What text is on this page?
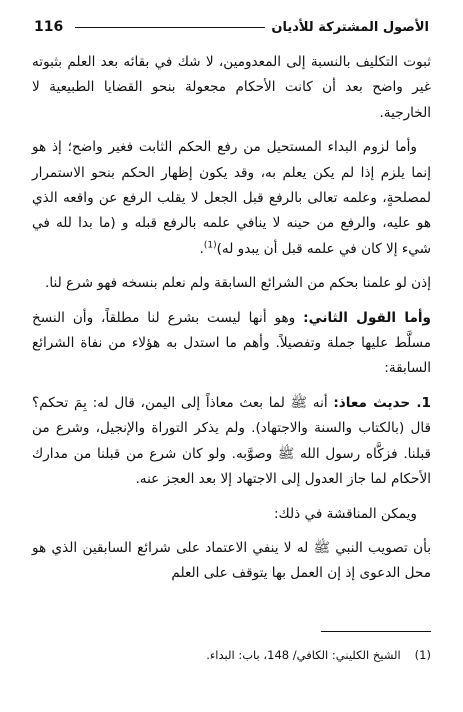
116	الأصول المشتركة للأديان

ثبوت التكليف بالنسبة إلى المعدومين، لا شك في بقائه بعد العلم بثبوته غير واضح بعد أن كانت الأحكام مجعولة بنحو القضايا الطبيعية لا الخارجية.

وأما لزوم البداء المستحيل من رفع الحكم الثابت فغير واضح؛ إذ هو إنما يلزم إذا لم يكن يعلم به، وقد يكون إظهار الحكم بنحو الاستمرار لمصلحةٍ، وعلمه تعالى بالرفع قبل الجعل لا يقلب الرفع عن واقعه الذي هو عليه، والرفع من حينه لا ينافي علمه بالرفع قبله و (ما بدا لله في شيء إلا كان في علمه قبل أن يبدو له)$^{(1)}$.

إذن لو علمنا بحكم من الشرائع السابقة ولم نعلم بنسخه فهو شرع لنا.

وأما القول الثاني: وهو أنها ليست بشرع لنا مطلقاً، وأن النسخ مسلَّط عليها جملة وتفصيلاً. وأهم ما استدل به هؤلاء من نفاة الشرائع السابقة:

1. حديث معاذ: أنه ﷺ لما بعث معاذاً إلى اليمن، قال له: بِمَ تحكم؟ قال (بالكتاب والسنة والاجتهاد). ولم يذكر التوراة والإنجيل، وشرع من قبلنا. فزكَّاه رسول الله ﷺ وصوَّبه. ولو كان شرع من قبلنا من مدارك الأحكام لما جاز العدول إلى الاجتهاد إلا بعد العجز عنه.

ويمكن المناقشة في ذلك:

بأن تصويب النبي ﷺ له لا ينفي الاعتماد على شرائع السابقين الذي هو محل الدعوى إذ إن العمل بها يتوقف على العلم

(1)الشيخ الكليني: الكافي/ 148، باب: البداء.
